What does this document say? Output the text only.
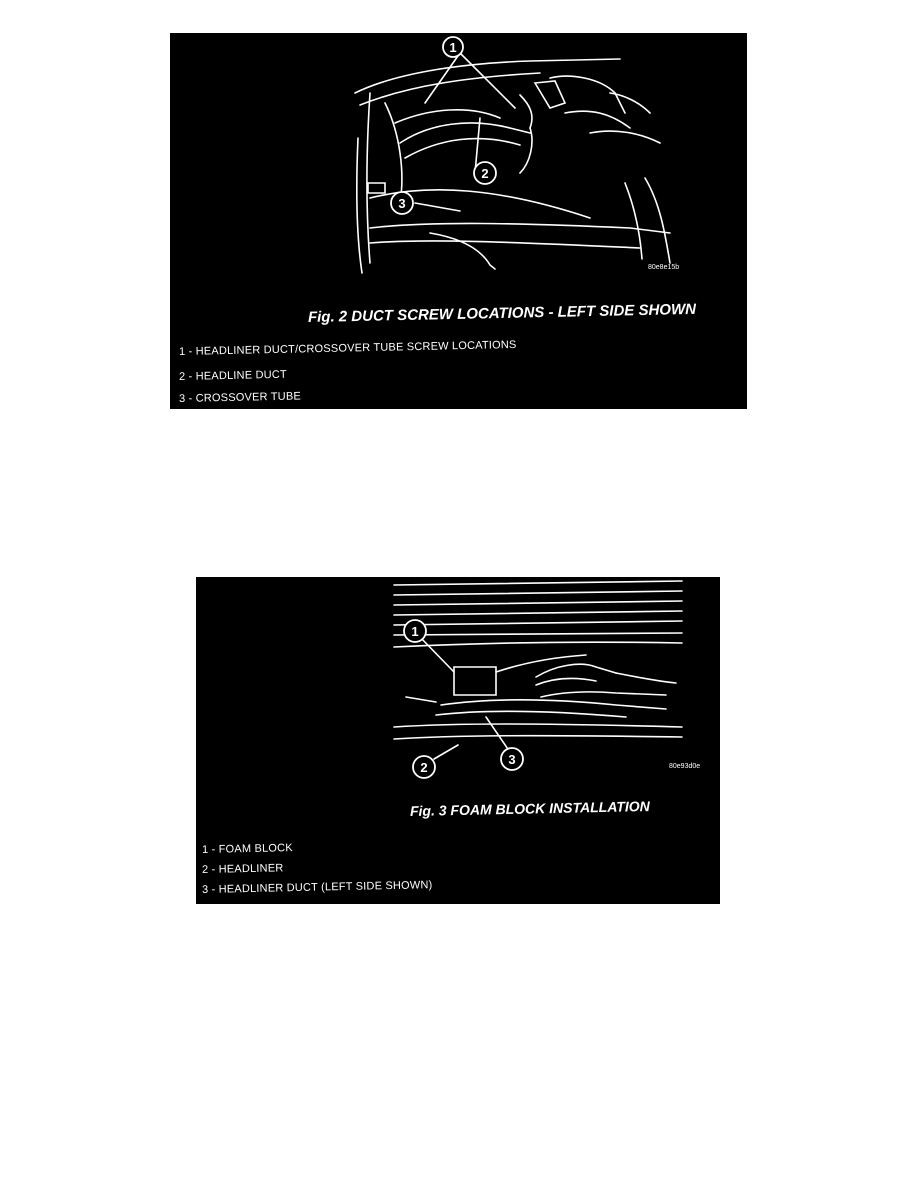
1
2
3
80e8e15b
Fig. 2 DUCT SCREW LOCATIONS - LEFT SIDE SHOWN
1 - HEADLINER DUCT/CROSSOVER TUBE SCREW LOCATIONS
2 - HEADLINE DUCT
3 - CROSSOVER TUBE
1
2
3	80e93d0e
Fig. 3 FOAM BLOCK INSTALLATION
1 - FOAM BLOCK
2 - HEADLINER
3 - HEADLINER DUCT (LEFT SIDE SHOWN)
